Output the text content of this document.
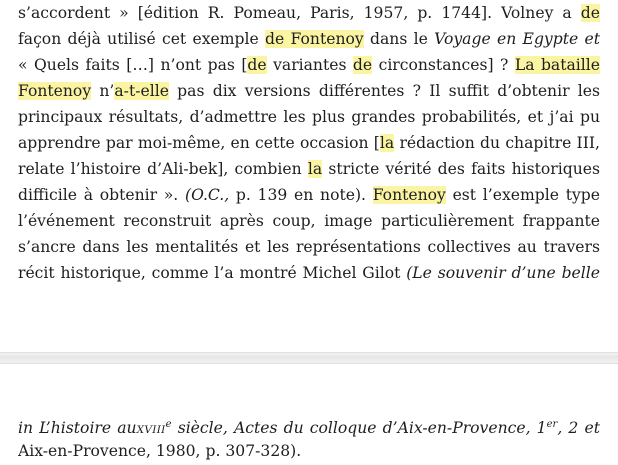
s’accordent » [édition R. Pomeau, Paris, 1957, p. 1744]. Volney a de
façon déjà utilisé cet exemple de Fontenoy dans le Voyage en Egypte et
« Quels faits […] n’ont pas [de variantes de circonstances] ? La bataille
Fontenoy n’a-t-elle pas dix versions différentes ? Il suffit d’obtenir les
principaux résultats, d’admettre les plus grandes probabilités, et j’ai pu
apprendre par moi-même, en cette occasion [la rédaction du chapitre III,
relate l’histoire d’Ali-bek], combien la stricte vérité des faits historiques
difficile à obtenir ». (O.C., p. 139 en note). Fontenoy est l’exemple type
l’événement reconstruit après coup, image particulièrement frappante
s’ancre dans les mentalités et les représentations collectives au travers
récit historique, comme l’a montré Michel Gilot (Le souvenir d’une belle
in L’histoire auXVIII$^e$ siècle, Actes du colloque d’Aix-en-Provence, 1er, 2 et
Aix-en-Provence, 1980, p. 307-328).
